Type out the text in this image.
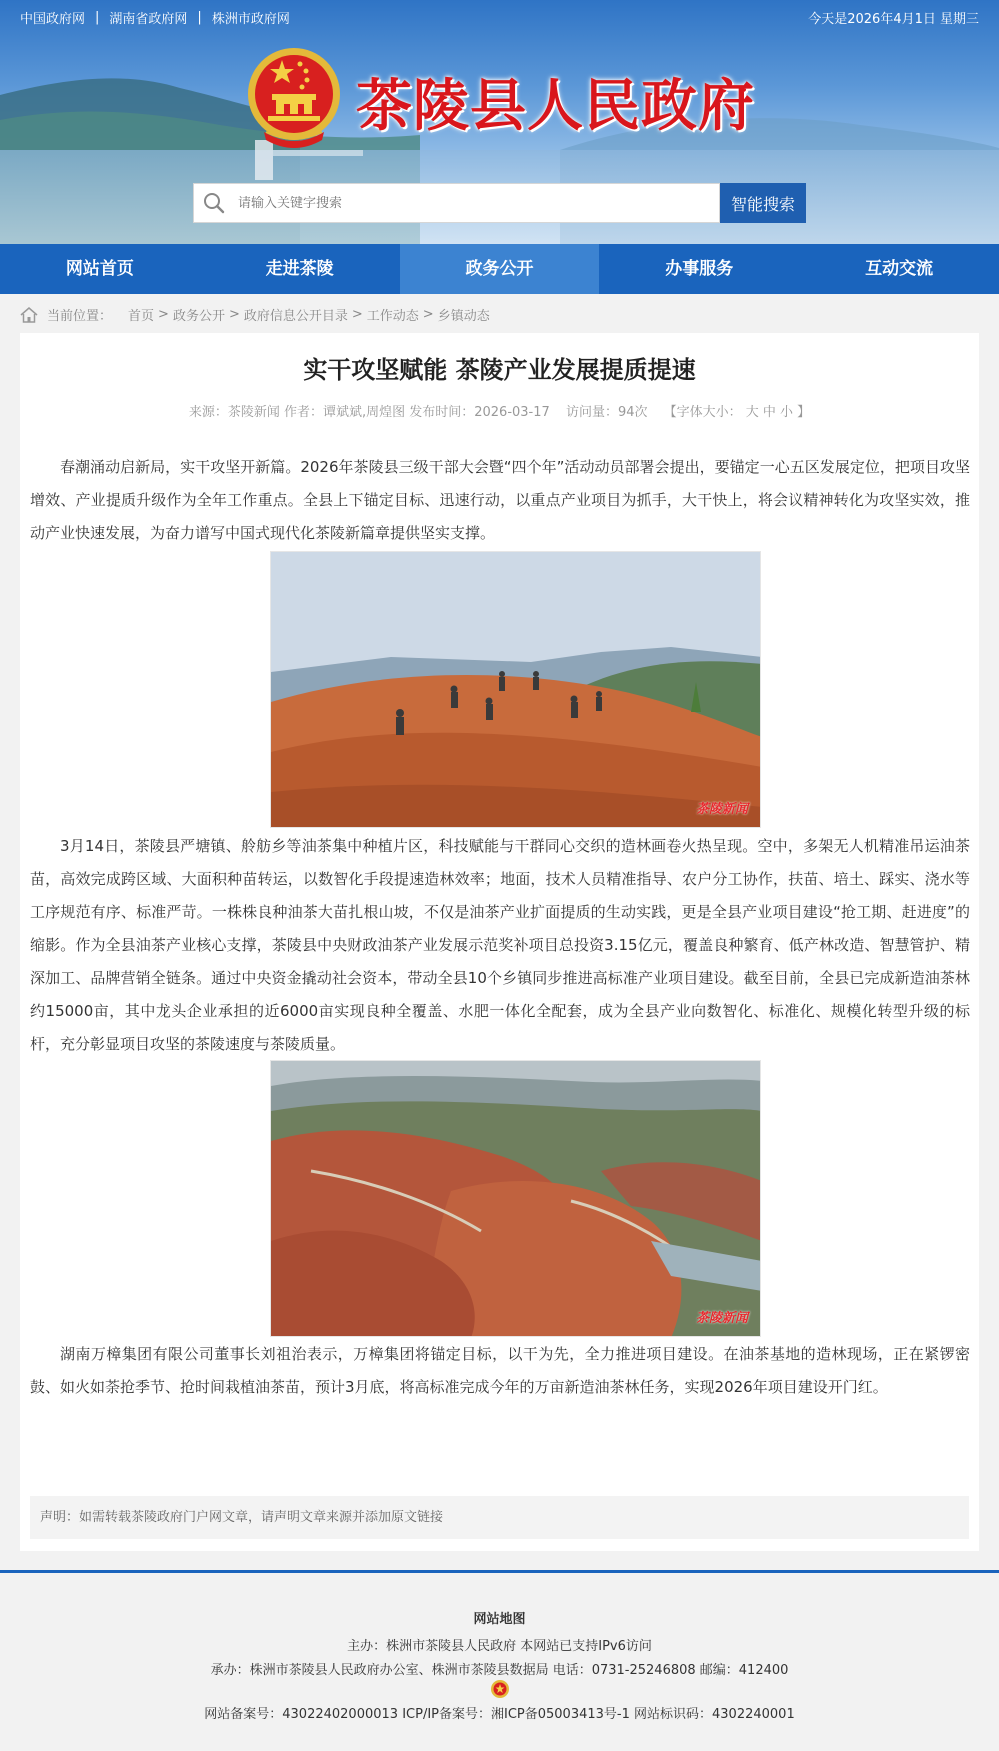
中国政府网 | 湖南省政府网 | 株洲市政府网	今天是2026年4月1日 星期三
茶陵县人民政府
请输入关键字搜索
智能搜索
网站首页	走进茶陵	政务公开	办事服务	互动交流
当前位置： 首页 > 政务公开 > 政府信息公开目录 > 工作动态 > 乡镇动态
实干攻坚赋能 茶陵产业发展提质提速
来源：茶陵新闻 作者：谭斌斌,周煌图 发布时间：2026-03-17 访问量：94次 【字体大小： 大 中 小 】

春潮涌动启新局，实干攻坚开新篇。2026年茶陵县三级干部大会暨“四个年”活动动员部署会提出，要锚定一心五区发展定位，把项目攻坚增效、产业提质升级作为全年工作重点。全县上下锚定目标、迅速行动，以重点产业项目为抓手，大干快上，将会议精神转化为攻坚实效，推动产业快速发展，为奋力谱写中国式现代化茶陵新篇章提供坚实支撑。

茶陵新闻

3月14日，茶陵县严塘镇、舲舫乡等油茶集中种植片区，科技赋能与干群同心交织的造林画卷火热呈现。空中，多架无人机精准吊运油茶苗，高效完成跨区域、大面积种苗转运，以数智化手段提速造林效率；地面，技术人员精准指导、农户分工协作，扶苗、培土、踩实、浇水等工序规范有序、标准严苛。一株株良种油茶大苗扎根山坡，不仅是油茶产业扩面提质的生动实践，更是全县产业项目建设“抢工期、赶进度”的缩影。作为全县油茶产业核心支撑，茶陵县中央财政油茶产业发展示范奖补项目总投资3.15亿元，覆盖良种繁育、低产林改造、智慧管护、精深加工、品牌营销全链条。通过中央资金撬动社会资本，带动全县10个乡镇同步推进高标准产业项目建设。截至目前，全县已完成新造油茶林约15000亩，其中龙头企业承担的近6000亩实现良种全覆盖、水肥一体化全配套，成为全县产业向数智化、标准化、规模化转型升级的标杆，充分彰显项目攻坚的茶陵速度与茶陵质量。

茶陵新闻

湖南万樟集团有限公司董事长刘祖治表示，万樟集团将锚定目标，以干为先，全力推进项目建设。在油茶基地的造林现场，正在紧锣密鼓、如火如荼抢季节、抢时间栽植油茶苗，预计3月底，将高标准完成今年的万亩新造油茶林任务，实现2026年项目建设开门红。

声明：如需转载茶陵政府门户网文章，请声明文章来源并添加原文链接
网站地图
主办：株洲市茶陵县人民政府 本网站已支持IPv6访问
承办：株洲市茶陵县人民政府办公室、株洲市茶陵县数据局 电话：0731-25246808 邮编：412400
网站备案号：43022402000013 ICP/IP备案号：湘ICP备05003413号-1 网站标识码：4302240001
